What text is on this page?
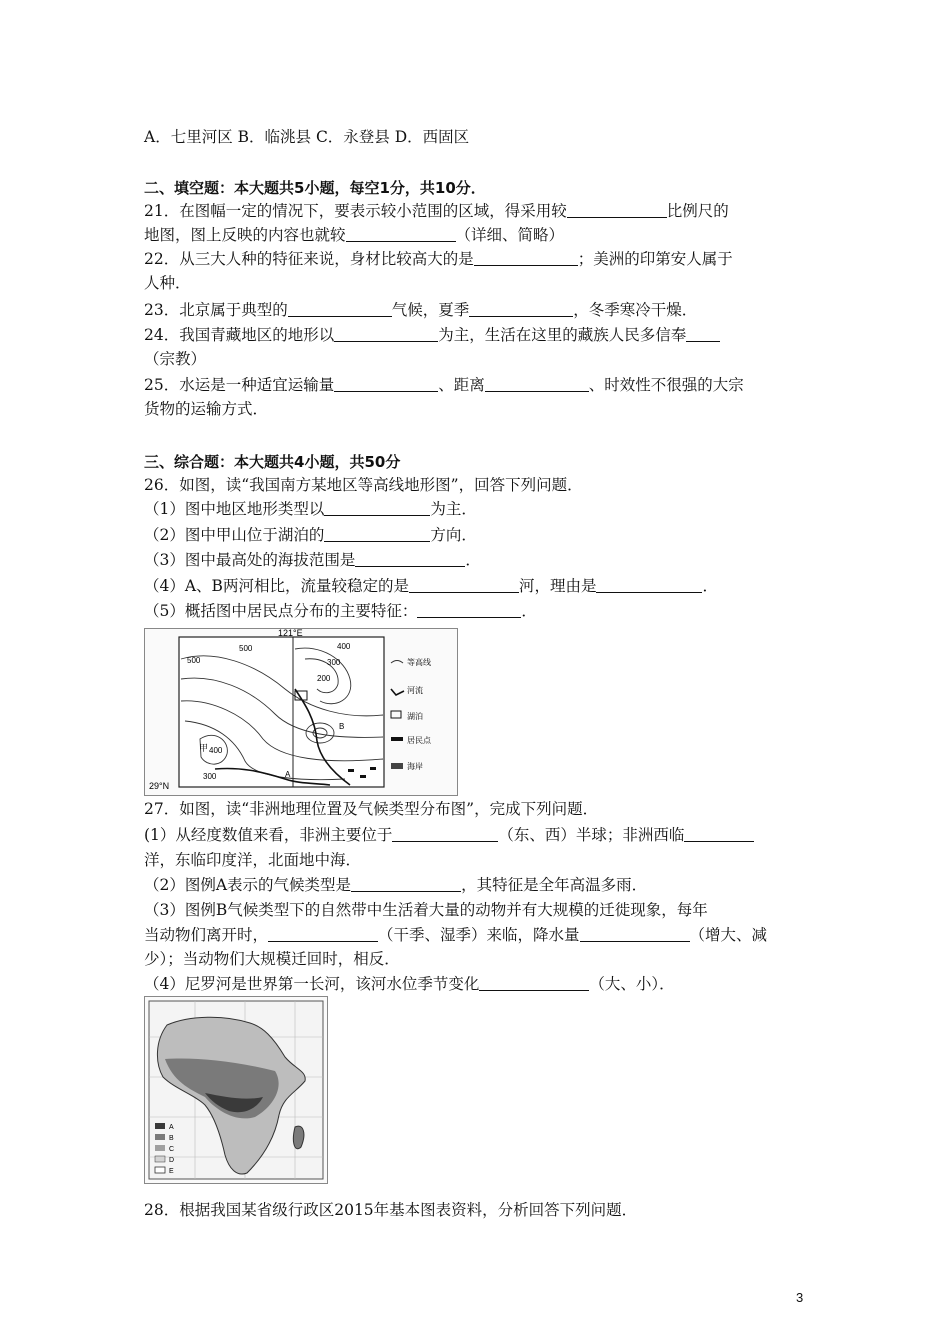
A．七里河区 B．临洮县 C．永登县 D．西固区
二、填空题：本大题共5小题，每空1分，共10分．
21．在图幅一定的情况下，要表示较小范围的区域，得采用较	比例尺的
地图，图上反映的内容也就较	（详细、简略）
22．从三大人种的特征来说，身材比较高大的是	；美洲的印第安人属于
人种．
23．北京属于典型的	气候，夏季	，冬季寒冷干燥．
24．我国青藏地区的地形以	为主，生活在这里的藏族人民多信奉
（宗教）
25．水运是一种适宜运输量	、距离	、时效性不很强的大宗
货物的运输方式．
三、综合题：本大题共4小题，共50分
26．如图，读“我国南方某地区等高线地形图”，回答下列问题．
（1）图中地区地形类型以	为主．
（2）图中甲山位于湖泊的	方向．
（3）图中最高处的海拔范围是	．
（4）A、B两河相比，流量较稳定的是	河，理由是	．
（5）概括图中居民点分布的主要特征：	．
121°E
29°N
500	400
300
200
500
400
300
甲
A
B
等高线
河流
湖泊
居民点
海岸
27．如图，读“非洲地理位置及气候类型分布图”，完成下列问题．
(1）从经度数值来看，非洲主要位于	（东、西）半球；非洲西临
洋，东临印度洋，北面地中海．
（2）图例A表示的气候类型是	，其特征是全年高温多雨．
（3）图例B气候类型下的自然带中生活着大量的动物并有大规模的迁徙现象，每年
当动物们离开时，	（干季、湿季）来临，降水量	（增大、减
少）；当动物们大规模迁回时，相反．
（4）尼罗河是世界第一长河，该河水位季节变化	（大、小）．
A
B
C
D
E
28．根据我国某省级行政区2015年基本图表资料，分析回答下列问题．
3
